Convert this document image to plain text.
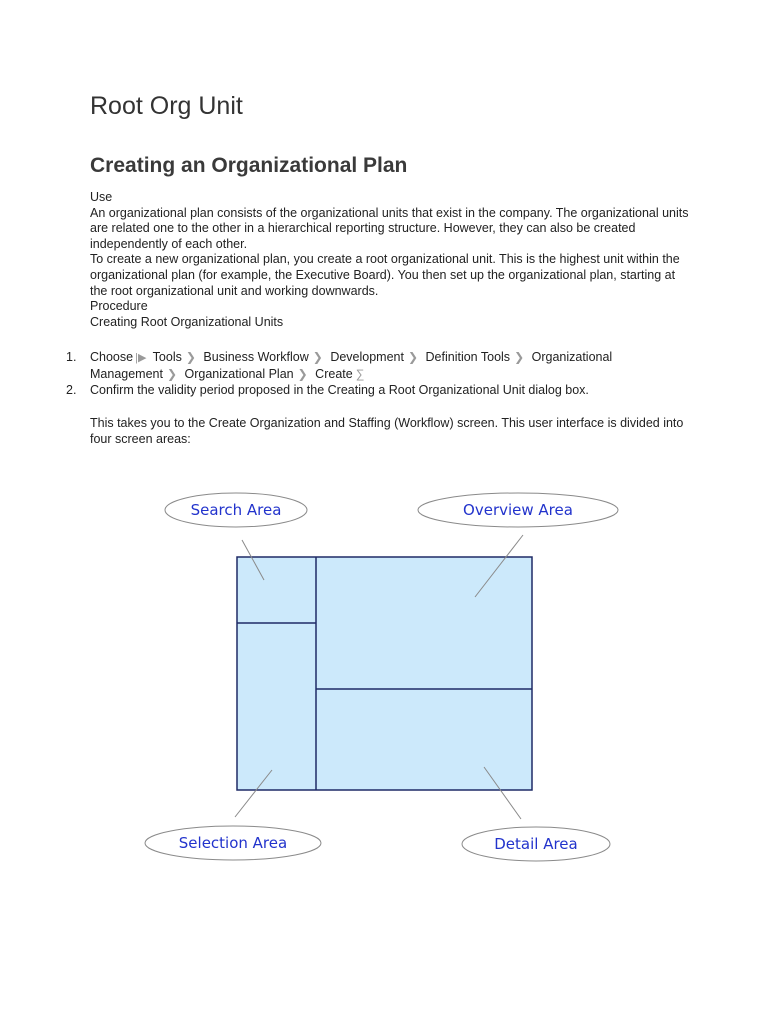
Root Org Unit
Creating an Organizational Plan

Use

An organizational plan consists of the organizational units that exist in the company. The organizational units are related one to the other in a hierarchical reporting structure. However, they can also be created independently of each other.

To create a new organizational plan, you create a root organizational unit. This is the highest unit within the organizational plan (for example, the Executive Board). You then set up the organizational plan, starting at the root organizational unit and working downwards.

Procedure

Creating Root Organizational Units

1. Choose |▶ Tools ❯ Business Workflow ❯ Development ❯ Definition Tools ❯ Organizational
Management ❯ Organizational Plan ❯ Create ∑
2. Confirm the validity period proposed in the Creating a Root Organizational Unit dialog box.

This takes you to the Create Organization and Staffing (Workflow) screen. This user interface is divided into four screen areas:

Search Area	Overview Area
Selection Area	Detail Area
